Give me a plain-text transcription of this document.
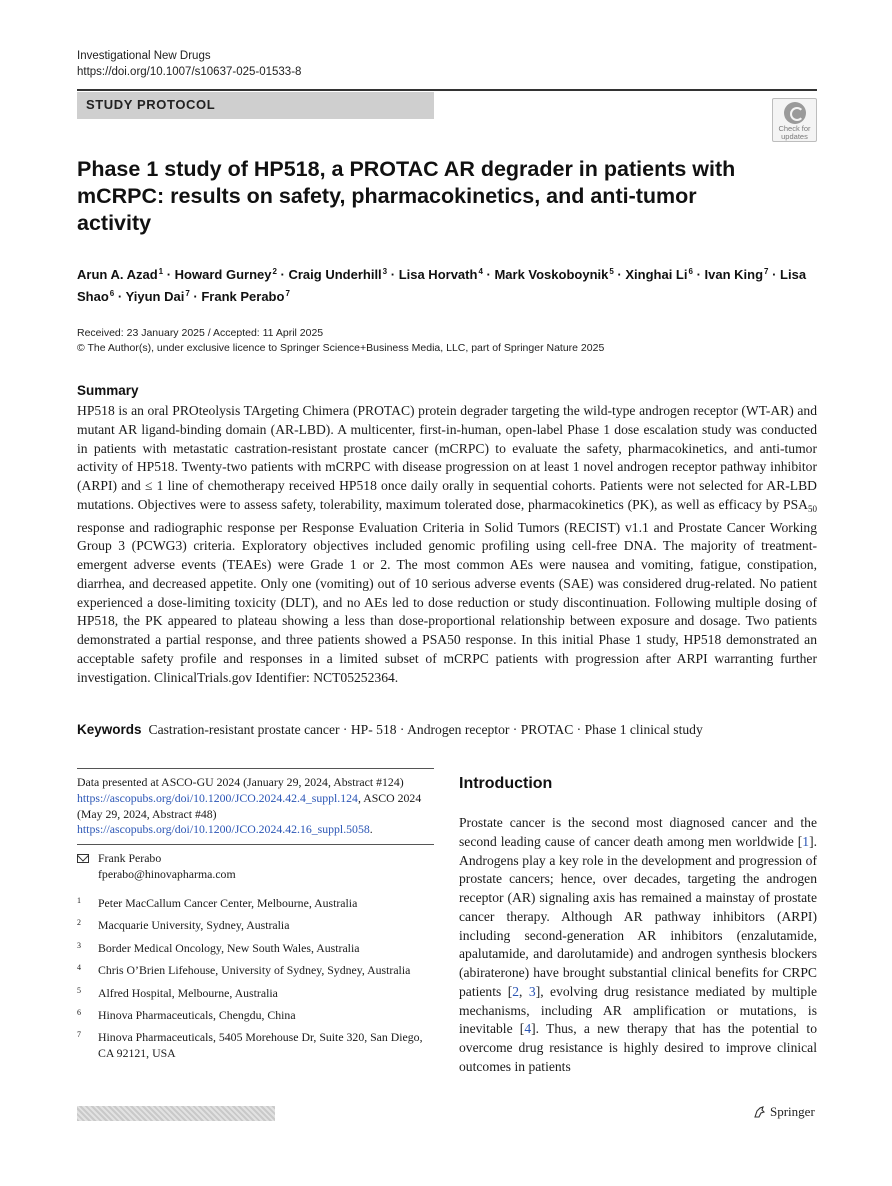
Investigational New Drugs
https://doi.org/10.1007/s10637-025-01533-8
STUDY PROTOCOL
Check for
updates
Phase 1 study of HP518, a PROTAC AR degrader in patients with mCRPC: results on safety, pharmacokinetics, and anti-tumor activity
Arun A. Azad$^1$ · Howard Gurney$^2$ · Craig Underhill$^3$ · Lisa Horvath$^4$ · Mark Voskoboynik$^5$ · Xinghai $Li^6$ · Ivan King$^7$ · Lisa Shao$^6$ · Yiyun Dai$^7$ · Frank Perabo$^7$
Received: 23 January 2025 / Accepted: 11 April 2025
© The Author(s), under exclusive licence to Springer Science+Business Media, LLC, part of Springer Nature 2025
Summary

HP518 is an oral PROteolysis TArgeting Chimera (PROTAC) protein degrader targeting the wild-type androgen receptor (WT-AR) and mutant AR ligand-binding domain (AR-LBD). A multicenter, first-in-human, open-label Phase 1 dose escalation study was conducted in patients with metastatic castration-resistant prostate cancer (mCRPC) to evaluate the safety, pharmacokinetics, and anti-tumor activity of HP518. Twenty-two patients with mCRPC with disease progression on at least 1 novel androgen receptor pathway inhibitor (ARPI) and ≤ 1 line of chemotherapy received HP518 once daily orally in sequential cohorts. Patients were not selected for AR-LBD mutations. Objectives were to assess safety, tolerability, maximum tolerated dose, pharmacokinetics (PK), as well as efficacy by $PSA_{50}$ response and radiographic response per Response Evaluation Criteria in Solid Tumors (RECIST) v1.1 and Prostate Cancer Working Group 3 (PCWG3) criteria. Exploratory objectives included genomic profiling using cell-free DNA. The majority of treatment-emergent adverse events (TEAEs) were Grade 1 or 2. The most common AEs were nausea and vomiting, fatigue, constipation, diarrhea, and decreased appetite. Only one (vomiting) out of 10 serious adverse events (SAE) was considered drug-related. No patient experienced a dose-limiting toxicity (DLT), and no AEs led to dose reduction or study discontinuation. Following multiple dosing of HP518, the PK appeared to plateau showing a less than dose-proportional relationship between exposure and dosage. Two patients demonstrated a partial response, and three patients showed a PSA50 response. In this initial Phase 1 study, HP518 demonstrated an acceptable safety profile and responses in a limited subset of mCRPC patients with progression after ARPI warranting further investigation. ClinicalTrials.gov Identifier: NCT05252364.

Keywords Castration-resistant prostate cancer · HP- 518 · Androgen receptor · PROTAC · Phase 1 clinical study

Data presented at ASCO-GU 2024 (January 29, 2024, Abstract #124) https://ascopubs.org/doi/10.1200/JCO.2024.42.4_suppl.124, ASCO 2024 (May 29, 2024, Abstract #48) https://ascopubs.org/doi/10.1200/JCO.2024.42.16_suppl.5058.

Frank Perabo
fperabo@hinovapharma.com
1 Peter MacCallum Cancer Center, Melbourne, Australia
2 Macquarie University, Sydney, Australia
3 Border Medical Oncology, New South Wales, Australia
4 Chris O’Brien Lifehouse, University of Sydney, Sydney, Australia
5 Alfred Hospital, Melbourne, Australia
6 Hinova Pharmaceuticals, Chengdu, China
7 Hinova Pharmaceuticals, 5405 Morehouse Dr, Suite 320, San Diego, CA 92121, USA
Introduction

Prostate cancer is the second most diagnosed cancer and the second leading cause of cancer death among men worldwide [1]. Androgens play a key role in the development and progression of prostate cancers; hence, over decades, targeting the androgen receptor (AR) signaling axis has remained a mainstay of prostate cancer therapy. Although AR pathway inhibitors (ARPI) including second-generation AR inhibitors (enzalutamide, apalutamide, and darolutamide) and androgen synthesis blockers (abiraterone) have brought substantial clinical benefits for CRPC patients [2, 3], evolving drug resistance mediated by multiple mechanisms, including AR amplification or mutations, is inevitable [4]. Thus, a new therapy that has the potential to overcome drug resistance is highly desired to improve clinical outcomes in patients

Springer
